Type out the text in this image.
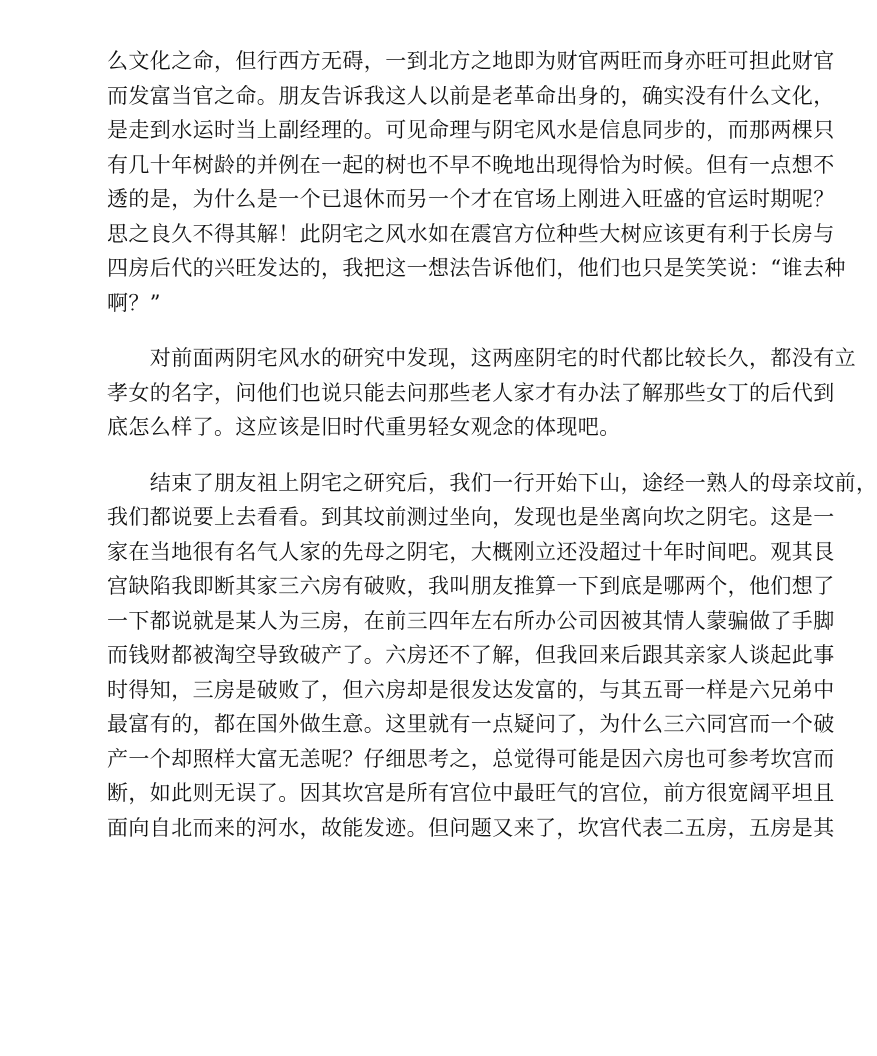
么文化之命，但行西方无碍，一到北方之地即为财官两旺而身亦旺可担此财官
而发富当官之命。朋友告诉我这人以前是老革命出身的，确实没有什么文化，
是走到水运时当上副经理的。可见命理与阴宅风水是信息同步的，而那两棵只
有几十年树龄的并例在一起的树也不早不晚地出现得恰为时候。但有一点想不
透的是，为什么是一个已退休而另一个才在官场上刚进入旺盛的官运时期呢？
思之良久不得其解！此阴宅之风水如在震宫方位种些大树应该更有利于长房与
四房后代的兴旺发达的，我把这一想法告诉他们，他们也只是笑笑说：“谁去种
啊？”
　　对前面两阴宅风水的研究中发现，这两座阴宅的时代都比较长久，都没有立
孝女的名字，问他们也说只能去问那些老人家才有办法了解那些女丁的后代到
底怎么样了。这应该是旧时代重男轻女观念的体现吧。
　　结束了朋友祖上阴宅之研究后，我们一行开始下山，途经一熟人的母亲坟前，
我们都说要上去看看。到其坟前测过坐向，发现也是坐离向坎之阴宅。这是一
家在当地很有名气人家的先母之阴宅，大概刚立还没超过十年时间吧。观其艮
宫缺陷我即断其家三六房有破败，我叫朋友推算一下到底是哪两个，他们想了
一下都说就是某人为三房，在前三四年左右所办公司因被其情人蒙骗做了手脚
而钱财都被淘空导致破产了。六房还不了解，但我回来后跟其亲家人谈起此事
时得知，三房是破败了，但六房却是很发达发富的，与其五哥一样是六兄弟中
最富有的，都在国外做生意。这里就有一点疑问了，为什么三六同宫而一个破
产一个却照样大富无恙呢？仔细思考之，总觉得可能是因六房也可参考坎宫而
断，如此则无误了。因其坎宫是所有宫位中最旺气的宫位，前方很宽阔平坦且
面向自北而来的河水，故能发迹。但问题又来了，坎宫代表二五房，五房是其
